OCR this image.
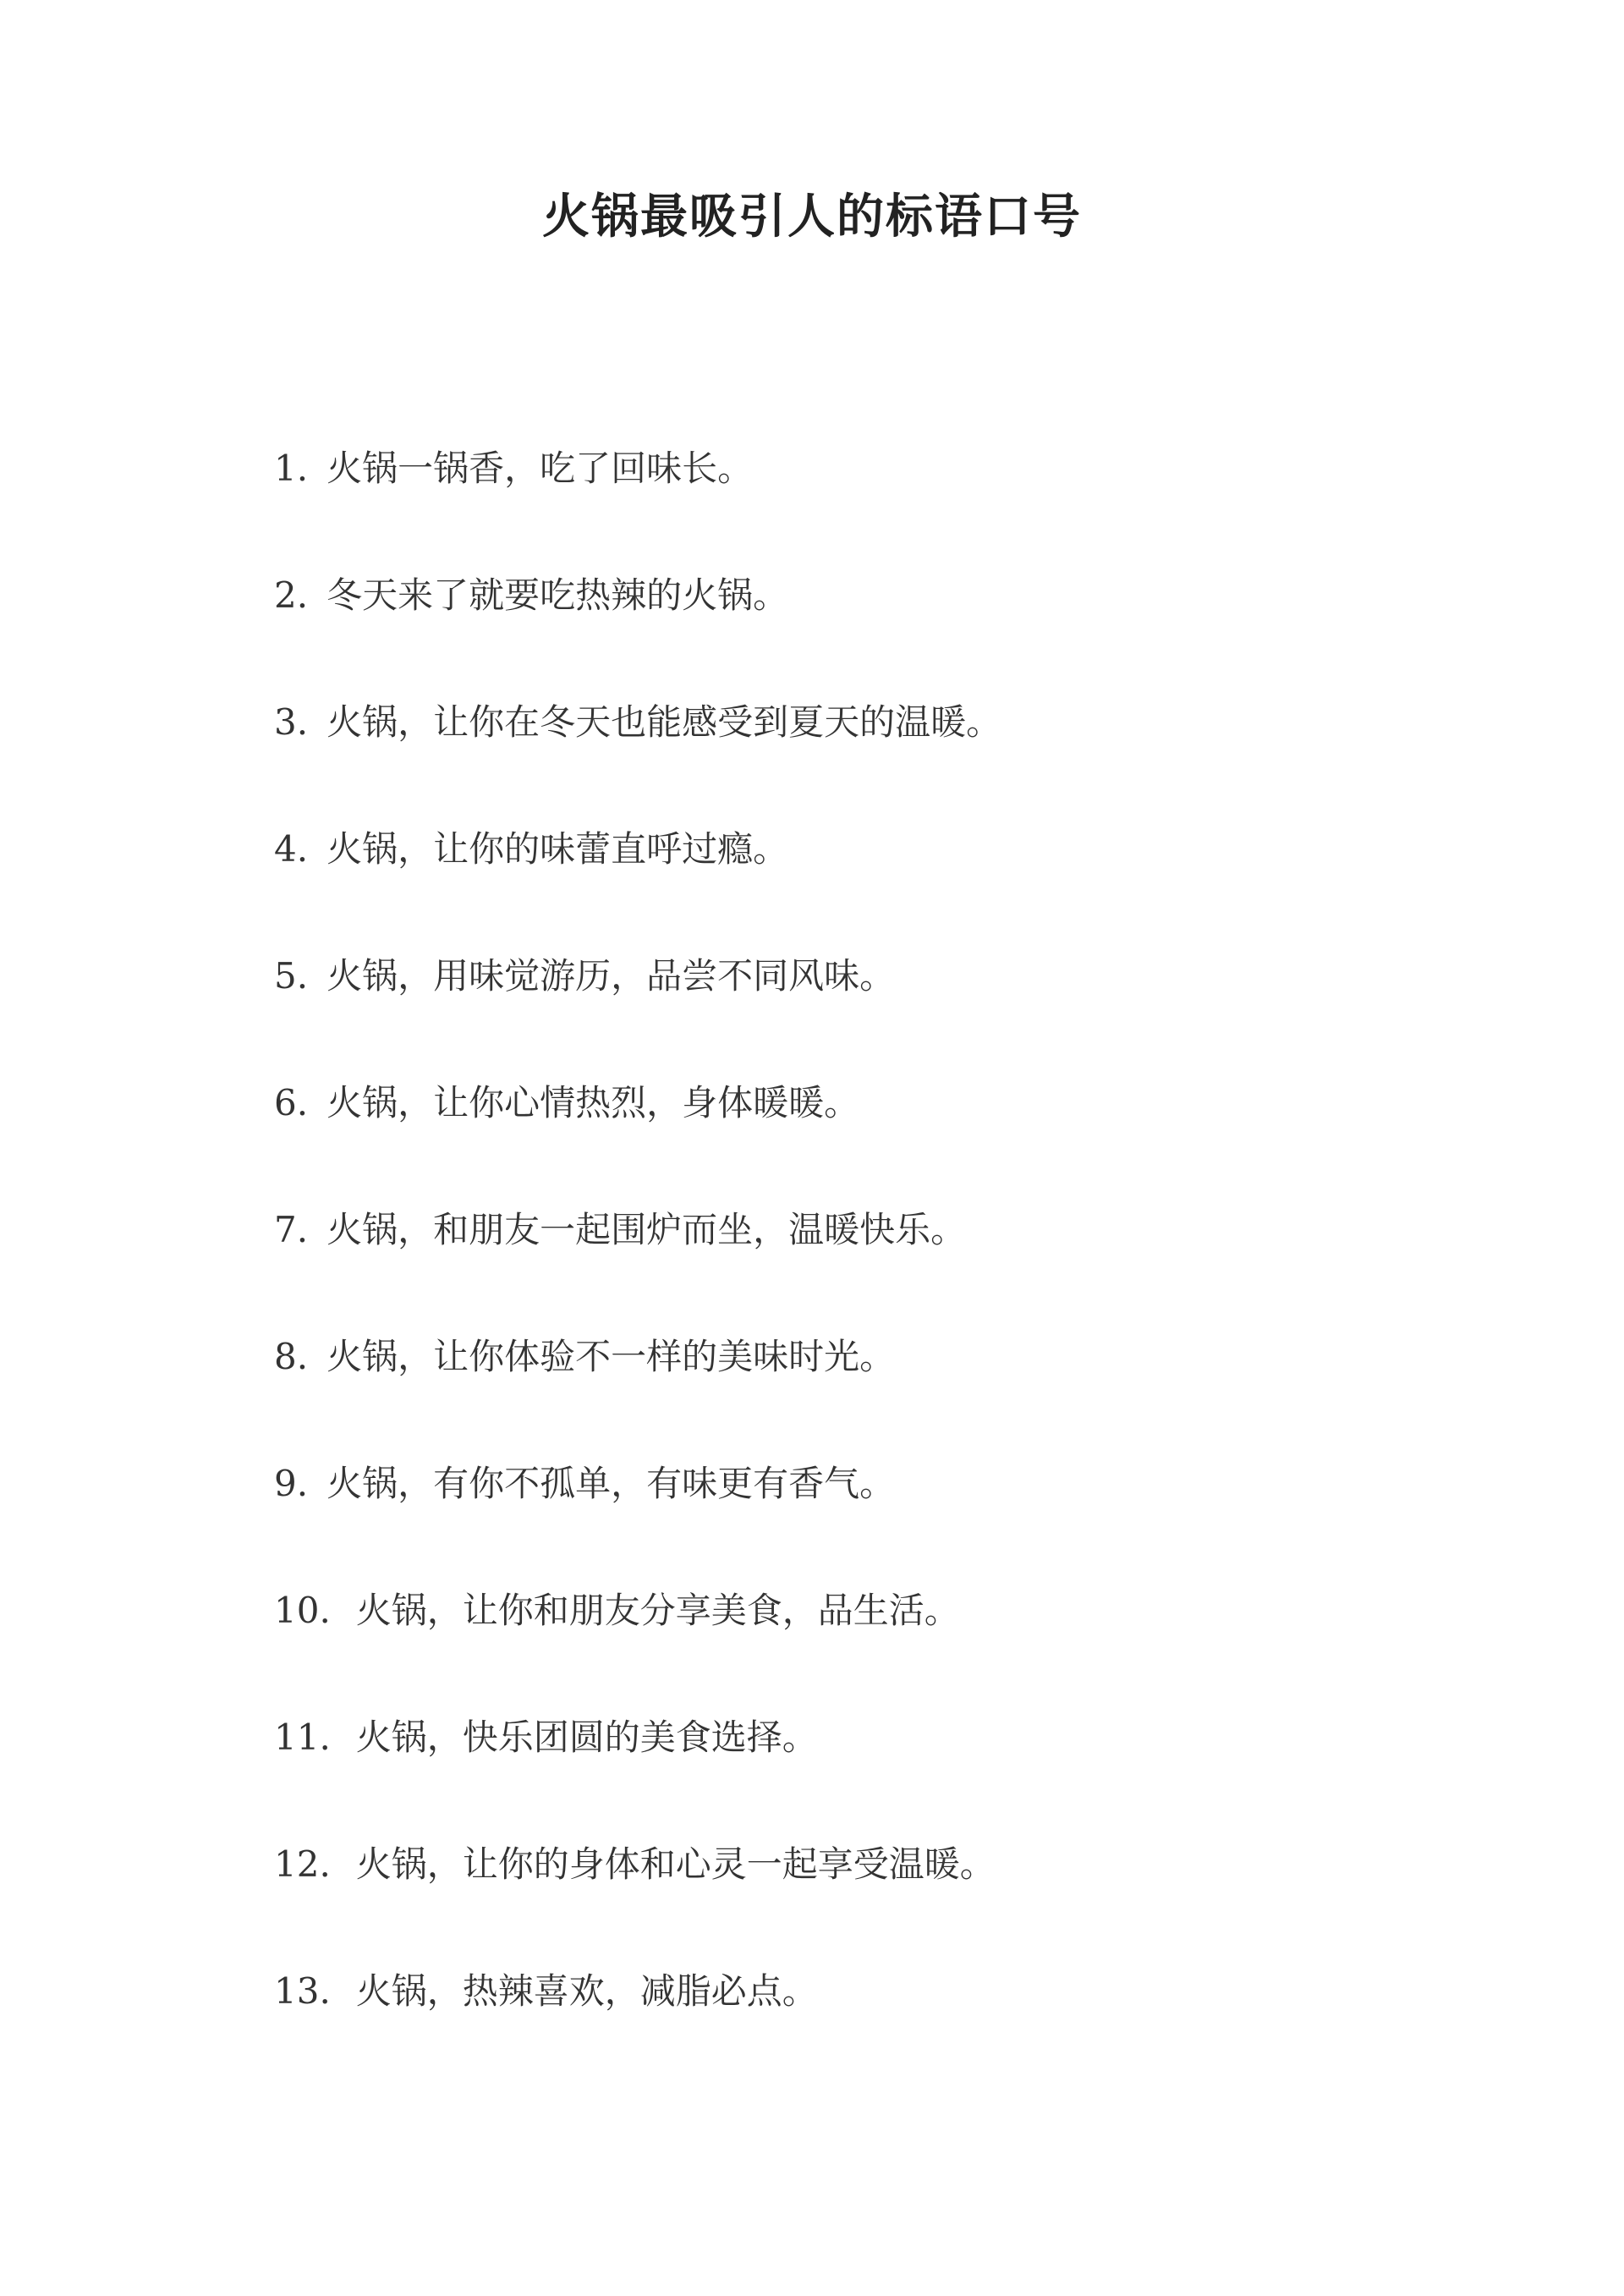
火锅最吸引人的标语口号
1. 火锅一锅香，吃了回味长。
2. 冬天来了就要吃热辣的火锅。
3. 火锅，让你在冬天也能感受到夏天的温暖。
4. 火锅，让你的味蕾直呼过瘾。
5. 火锅，用味觉游历，品尝不同风味。
6. 火锅，让你心情热烈，身体暖暖。
7. 火锅，和朋友一起围炉而坐，温暖快乐。
8. 火锅，让你体验不一样的美味时光。
9. 火锅，有你不孤单，有味更有香气。
10. 火锅，让你和朋友分享美食，品生活。
11. 火锅，快乐团圆的美食选择。
12. 火锅，让你的身体和心灵一起享受温暖。
13. 火锅，热辣喜欢，减脂必点。
